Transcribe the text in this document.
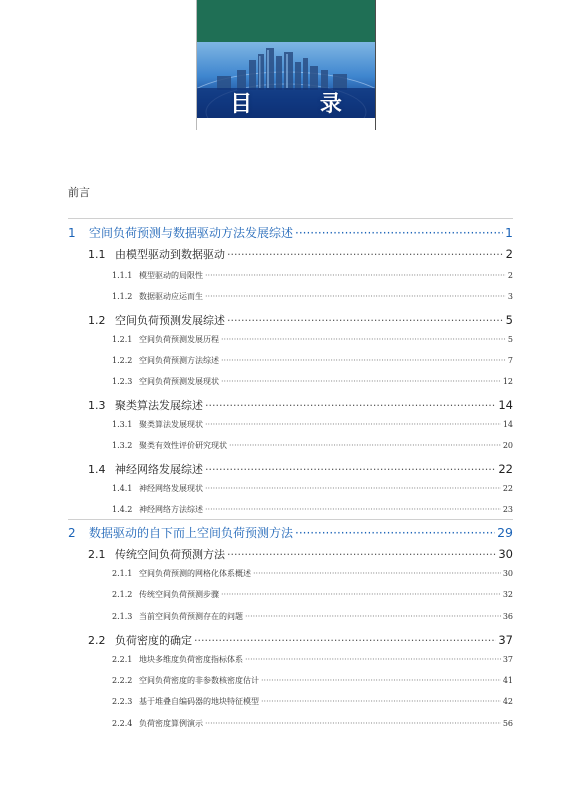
目 录
前言
1	空间负荷预测与数据驱动方法发展综述 ·····	1
1.1 由模型驱动到数据驱动 ·····	2
1.1.1 模型驱动的局限性 ·····	2
1.1.2 数据驱动应运而生 ·····	3
1.2 空间负荷预测发展综述 ·····	5
1.2.1 空间负荷预测发展历程 ·····	5
1.2.2 空间负荷预测方法综述 ·····	7
1.2.3 空间负荷预测发展现状 ·····	12
1.3 聚类算法发展综述 ·····	14
1.3.1 聚类算法发展现状 ·····	14
1.3.2 聚类有效性评价研究现状 ·····	20
1.4 神经网络发展综述 ·····	22
1.4.1 神经网络发展现状 ·····	22
1.4.2 神经网络方法综述 ·····	23
2	数据驱动的自下而上空间负荷预测方法 ·····	29
2.1 传统空间负荷预测方法 ·····	30
2.1.1 空间负荷预测的网格化体系概述 ·····	30
2.1.2 传统空间负荷预测步骤 ·····	32
2.1.3 当前空间负荷预测存在的问题 ·····	36
2.2 负荷密度的确定 ·····	37
2.2.1 地块多维度负荷密度指标体系 ·····	37
2.2.2 空间负荷密度的非参数核密度估计 ·····	41
2.2.3 基于堆叠自编码器的地块特征模型 ·····	42
2.2.4 负荷密度算例演示 ·····	56
